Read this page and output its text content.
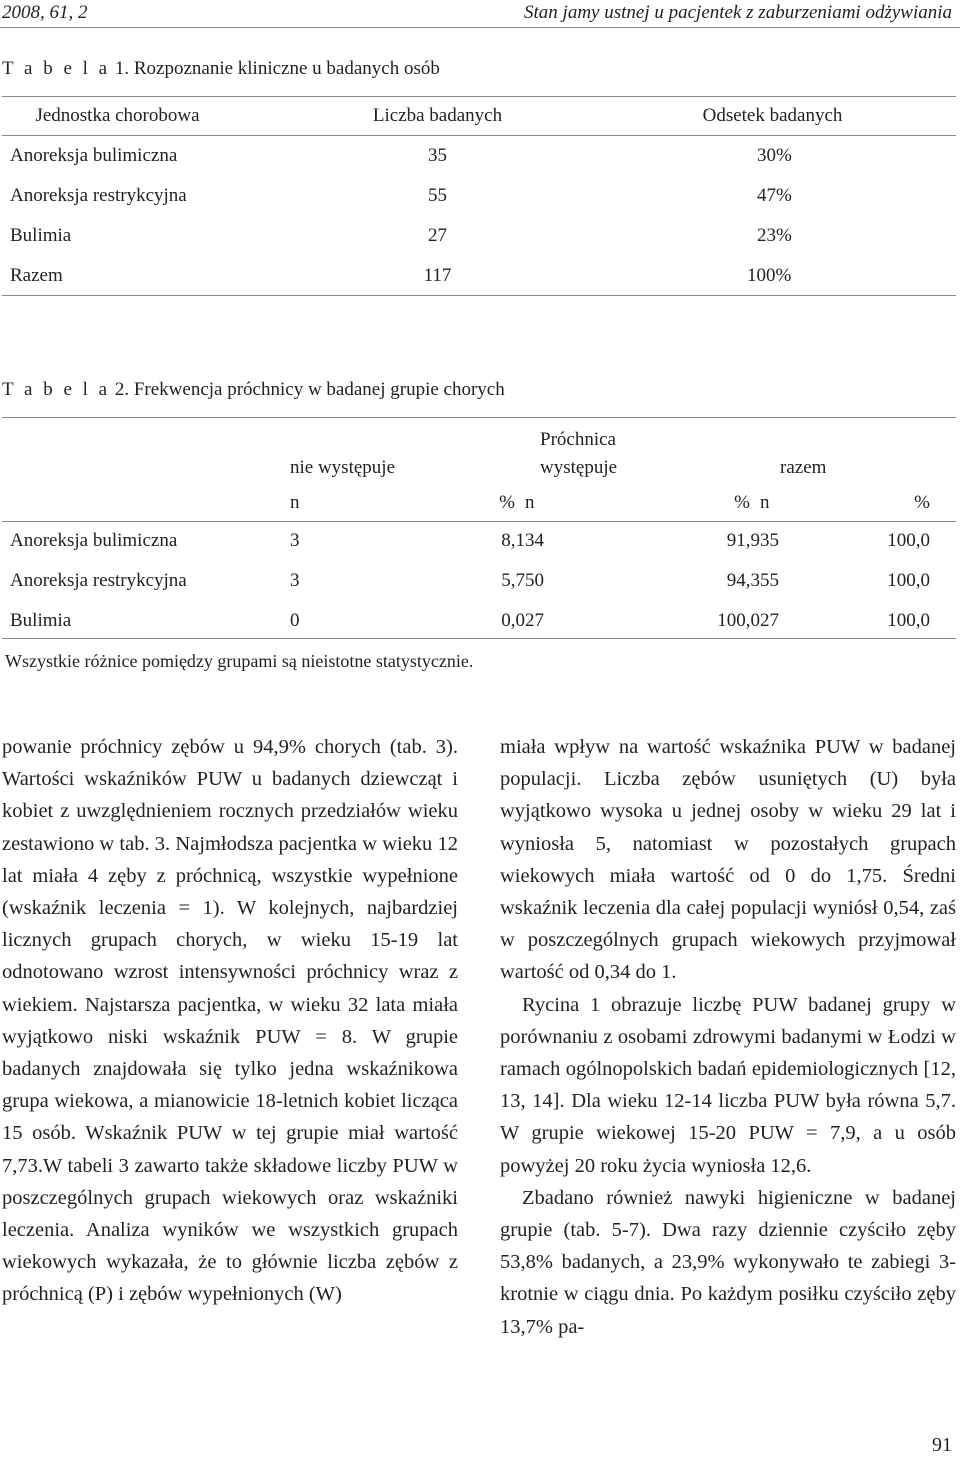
2008, 61, 2	Stan jamy ustnej u pacjentek z zaburzeniami odżywiania
T a b e l a 1. Rozpoznanie kliniczne u badanych osób
Jednostka chorobowa	Liczba badanych	Odsetek badanych
Anoreksja bulimiczna	35	30%
Anoreksja restrykcyjna	55	47%
Bulimia	27	23%
Razem	117	100%
T a b e l a 2. Frekwencja próchnicy w badanej grupie chorych
			Próchnica			
	nie występuje		występuje		razem	
	n	%	n	%	n	%
Anoreksja bulimiczna	3	8,1	34	91,9	35	100,0
Anoreksja restrykcyjna	3	5,7	50	94,3	55	100,0
Bulimia	0	0,0	27	100,0	27	100,0
Wszystkie różnice pomiędzy grupami są nieistotne statystycznie.

powanie próchnicy zębów u 94,9% chorych (tab. 3). Wartości wskaźników PUW u badanych dziewcząt i kobiet z uwzględnieniem rocznych przedziałów wieku zestawiono w tab. 3. Najmłodsza pacjentka w wieku 12 lat miała 4 zęby z próchnicą, wszystkie wypełnione (wskaźnik leczenia = 1). W kolejnych, najbardziej licznych grupach chorych, w wieku 15-19 lat odnotowano wzrost intensywności próchnicy wraz z wiekiem. Najstarsza pacjentka, w wieku 32 lata miała wyjątkowo niski wskaźnik PUW = 8. W grupie badanych znajdowała się tylko jedna wskaźnikowa grupa wiekowa, a mianowicie 18-letnich kobiet licząca 15 osób. Wskaźnik PUW w tej grupie miał wartość 7,73.W tabeli 3 zawarto także składowe liczby PUW w poszczególnych grupach wiekowych oraz wskaźniki leczenia. Analiza wyników we wszystkich grupach wiekowych wykazała, że to głównie liczba zębów z próchnicą (P) i zębów wypełnionych (W)

miała wpływ na wartość wskaźnika PUW w badanej populacji. Liczba zębów usuniętych (U) była wyjątkowo wysoka u jednej osoby w wieku 29 lat i wyniosła 5, natomiast w pozostałych grupach wiekowych miała wartość od 0 do 1,75. Średni wskaźnik leczenia dla całej populacji wyniósł 0,54, zaś w poszczególnych grupach wiekowych przyjmował wartość od 0,34 do 1.

Rycina 1 obrazuje liczbę PUW badanej grupy w porównaniu z osobami zdrowymi badanymi w Łodzi w ramach ogólnopolskich badań epidemiologicznych [12, 13, 14]. Dla wieku 12-14 liczba PUW była równa 5,7. W grupie wiekowej 15-20 PUW = 7,9, a u osób powyżej 20 roku życia wyniosła 12,6.

Zbadano również nawyki higieniczne w badanej grupie (tab. 5-7). Dwa razy dziennie czyściło zęby 53,8% badanych, a 23,9% wykonywało te zabiegi 3-krotnie w ciągu dnia. Po każdym posiłku czyściło zęby 13,7% pa-

91
